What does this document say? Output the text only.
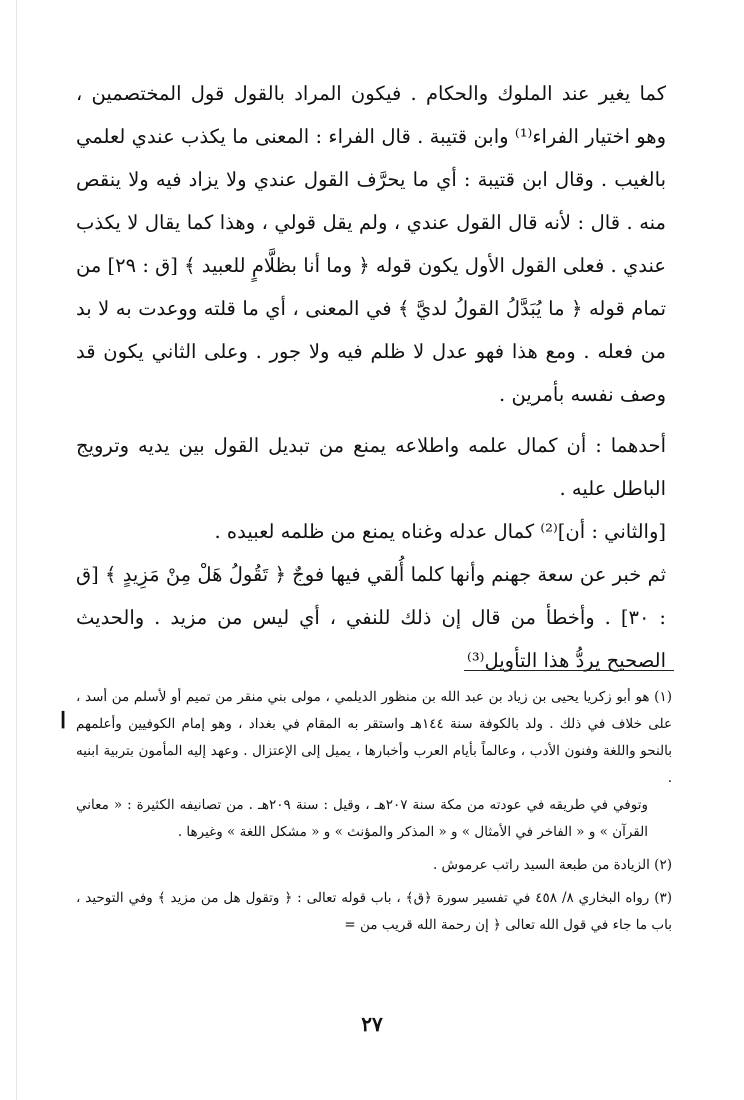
كما يغير عند الملوك والحكام . فيكون المراد بالقول قول المختصمين ، وهو اختيار الفراء⁽¹⁾ وابن قتيبة . قال الفراء : المعنى ما يكذب عندي لعلمي بالغيب . وقال ابن قتيبة : أي ما يحرَّف القول عندي ولا يزاد فيه ولا ينقص منه . قال : لأنه قال القول عندي ، ولم يقل قولي ، وهذا كما يقال لا يكذب عندي . فعلى القول الأول يكون قوله ﴿ وما أنا بظلَّامٍ للعبيد ﴾ [ق : ٢٩] من تمام قوله ﴿ ما يُبَدَّلُ القولُ لديَّ ﴾ في المعنى ، أي ما قلته ووعدت به لا بد من فعله . ومع هذا فهو عدل لا ظلم فيه ولا جور . وعلى الثاني يكون قد وصف نفسه بأمرين .

أحدهما : أن كمال علمه واطلاعه يمنع من تبديل القول بين يديه وترويج الباطل عليه .

[والثاني : أن]⁽²⁾ كمال عدله وغناه يمنع من ظلمه لعبيده .

ثم خبر عن سعة جهنم وأنها كلما أُلقي فيها فوجٌ ﴿ تَقُولُ هَلْ مِنْ مَزِيدٍ ﴾ [ق : ٣٠] . وأخطأ من قال إن ذلك للنفي ، أي ليس من مزيد . والحديث الصحيح يردُّ هذا التأويل⁽³⁾

(١) هو أبو زكريا يحيى بن زياد بن عبد الله بن منظور الديلمي ، مولى بني منقر من تميم أو لأسلم من أسد ، على خلاف في ذلك . ولد بالكوفة سنة ١٤٤هـ واستقر به المقام في بغداد ، وهو إمام الكوفيين وأعلمهم بالنحو واللغة وفنون الأدب ، وعالماً بأيام العرب وأخبارها ، يميل إلى الإعتزال . وعهد إليه المأمون بتربية ابنيه .

وتوفي في طريقه في عودته من مكة سنة ٢٠٧هـ ، وقيل : سنة ٢٠٩هـ . من تصانيفه الكثيرة : « معاني القرآن » و « الفاخر في الأمثال » و « المذكر والمؤنث » و « مشكل اللغة » وغيرها .

(٢) الزيادة من طبعة السيد راتب عرموش .

(٣) رواه البخاري ٨/ ٤٥٨ في تفسير سورة ﴿ق﴾ ، باب قوله تعالى : ﴿ وتقول هل من مزيد ﴾ وفي التوحيد ، باب ما جاء في قول الله تعالى ﴿ إن رحمة الله قريب من =

ا
٢٧
